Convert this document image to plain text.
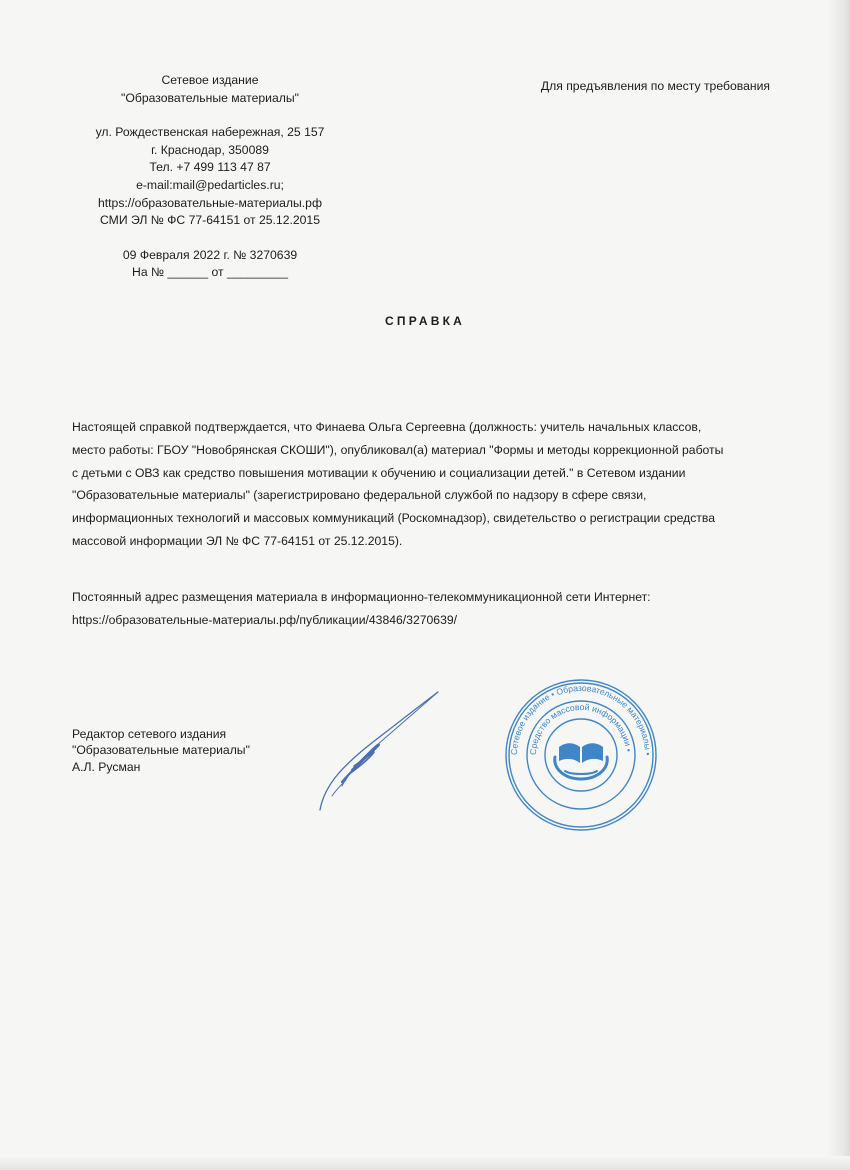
Сетевое издание
"Образовательные материалы"
ул. Рождественская набережная, 25 157
г. Краснодар, 350089
Тел. +7 499 113 47 87
e-mail:mail@pedarticles.ru;
https://образовательные-материалы.рф
СМИ ЭЛ № ФС 77-64151 от 25.12.2015
09 Февраля 2022 г. № 3270639
На № ______ от _________
Для предъявления по месту требования
СПРАВКА

Настоящей справкой подтверждается, что Финаева Ольга Сергеевна (должность: учитель начальных классов, место работы: ГБОУ "Новобрянская СКОШИ"), опубликовал(а) материал "Формы и методы коррекционной работы с детьми с ОВЗ как средство повышения мотивации к обучению и социализации детей." в Сетевом издании "Образовательные материалы" (зарегистрировано федеральной службой по надзору в сфере связи, информационных технологий и массовых коммуникаций (Роскомнадзор), свидетельство о регистрации средства массовой информации ЭЛ № ФС 77-64151 от 25.12.2015).

Постоянный адрес размещения материала в информационно-телекоммуникационной сети Интернет:
https://образовательные-материалы.рф/публикации/43846/3270639/
Редактор сетевого издания
"Образовательные материалы"
А.Л. Русман
Сетевое издание • Образовательные материалы •
Средство массовой информации •
